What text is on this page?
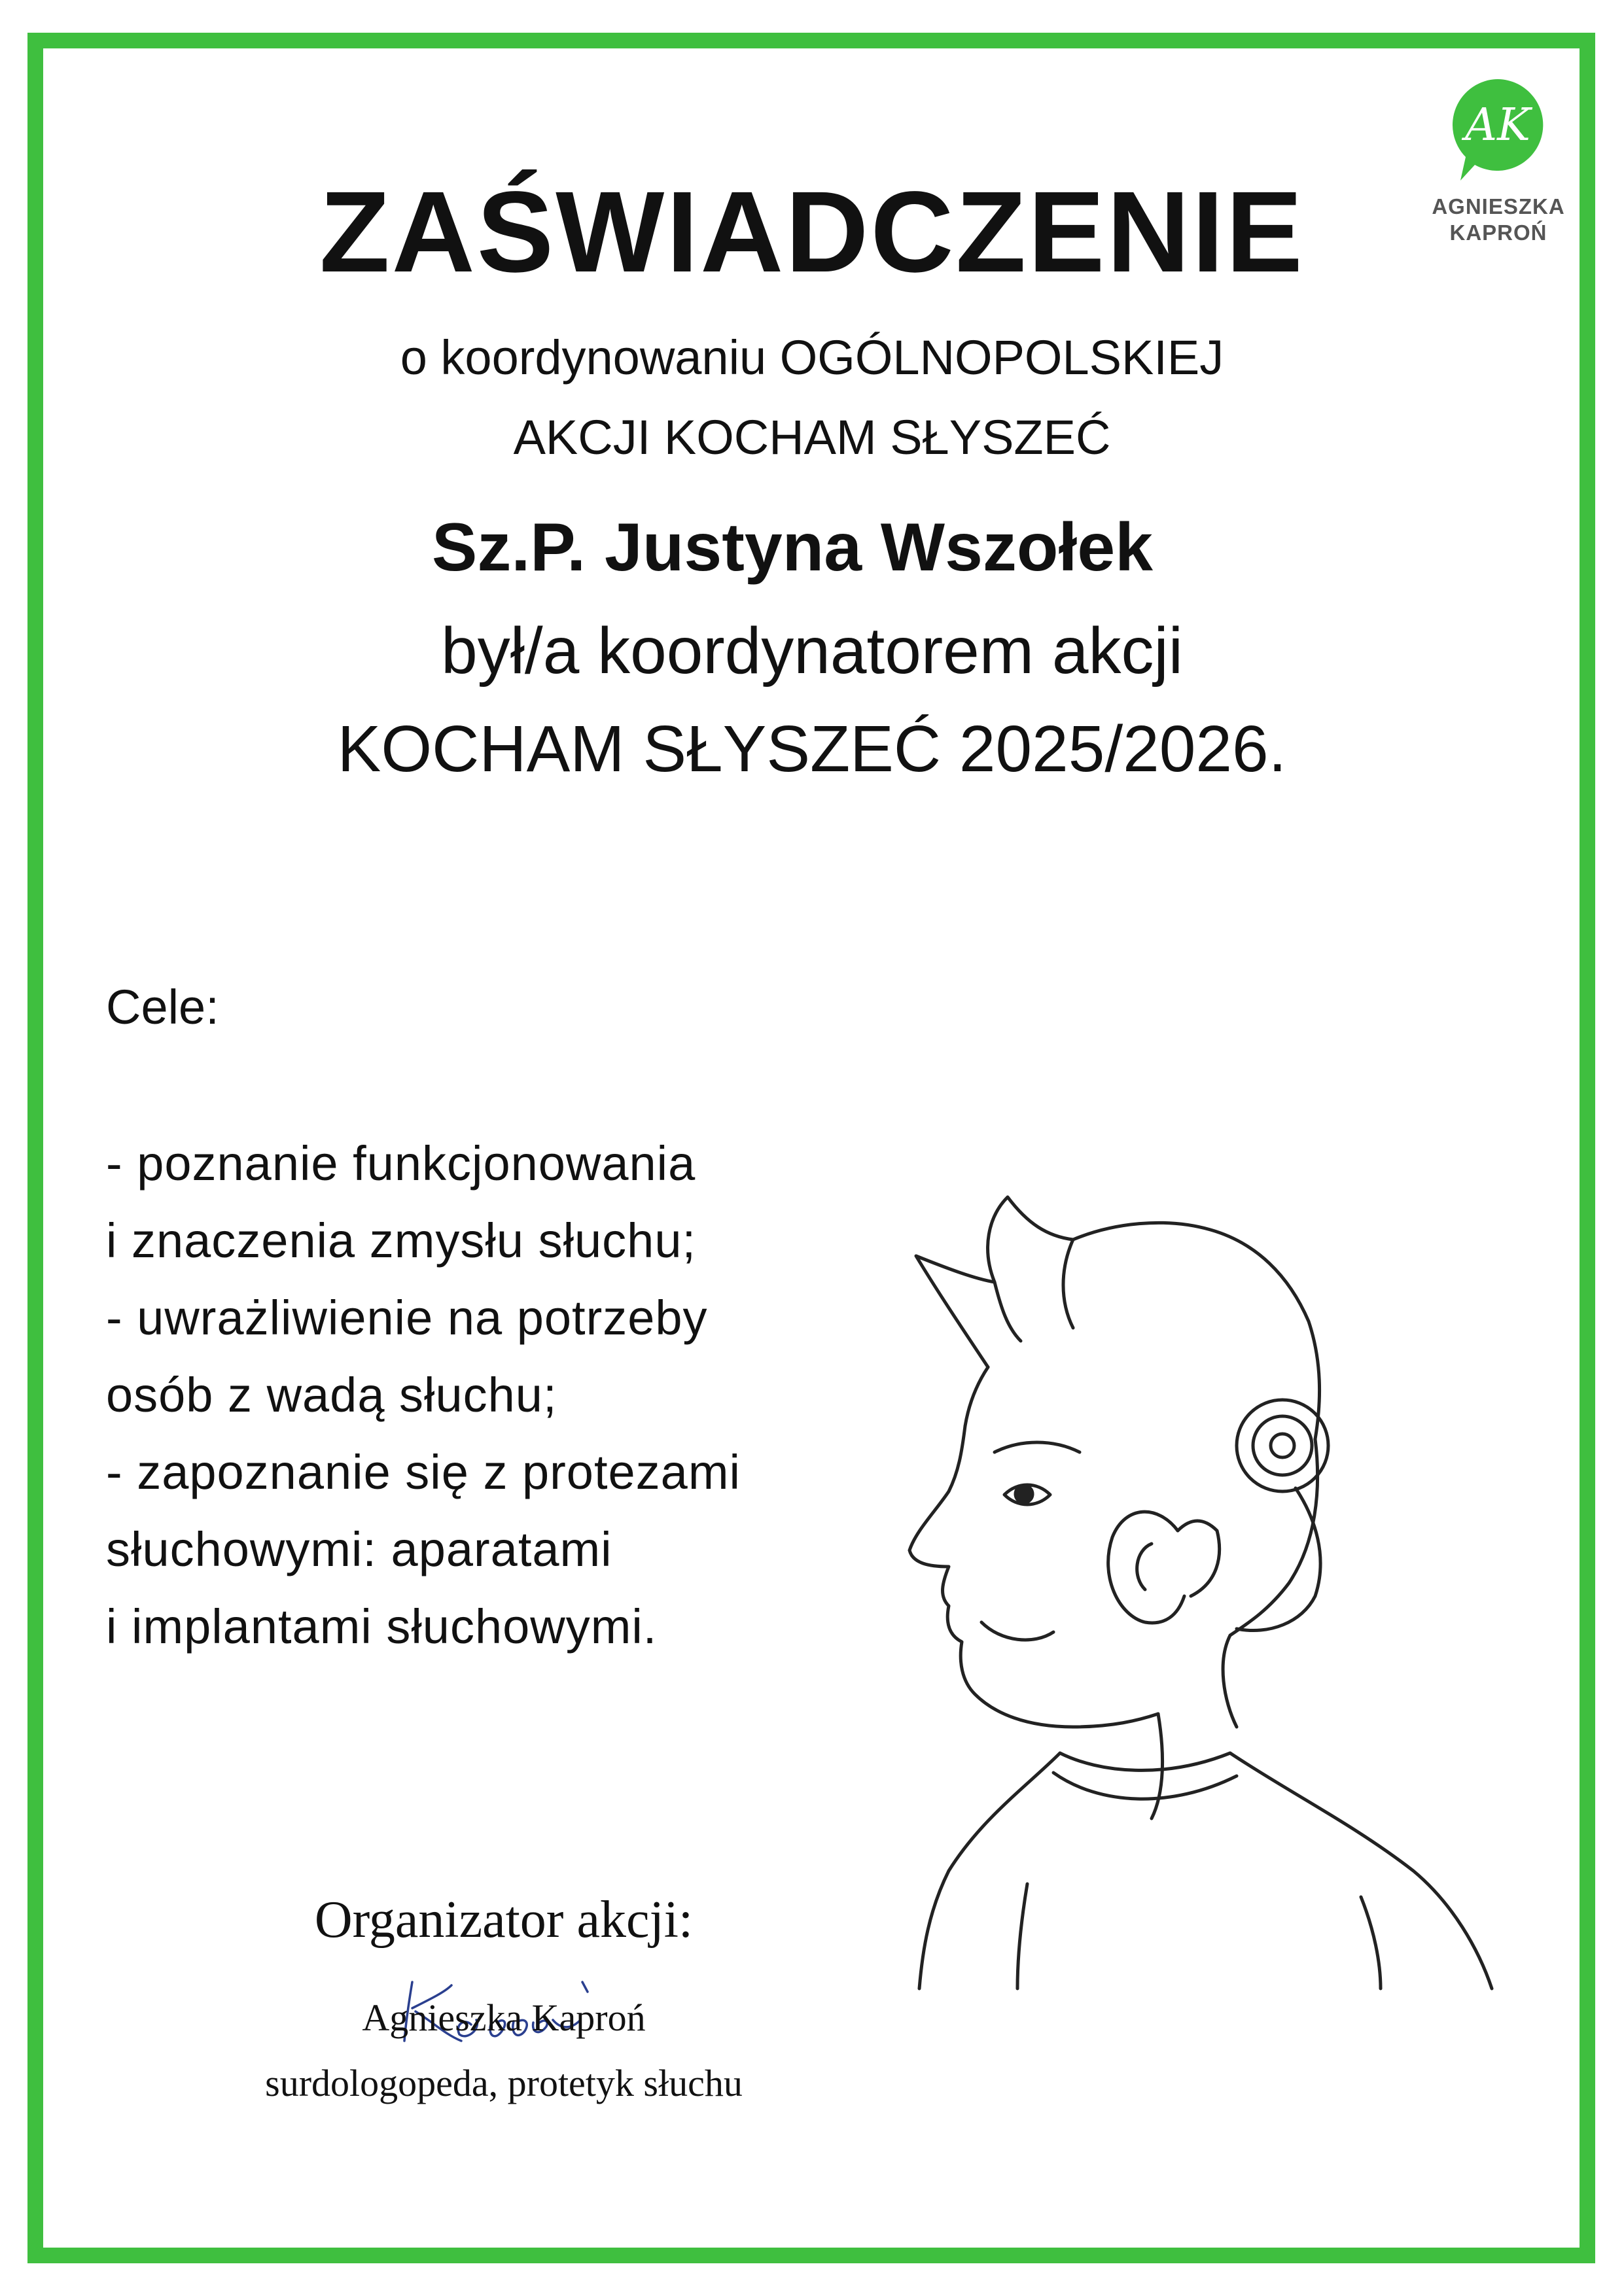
AK
AGNIESZKA
KAPROŃ
ZAŚWIADCZENIE
o koordynowaniu OGÓLNOPOLSKIEJ
AKCJI KOCHAM SŁYSZEĆ
Sz.P. Justyna Wszołek
był/a koordynatorem akcji
KOCHAM SŁYSZEĆ 2025/2026.
Cele:
- poznanie funkcjonowania
i znaczenia zmysłu słuchu;
- uwrażliwienie na potrzeby
osób z wadą słuchu;
- zapoznanie się z protezami
słuchowymi: aparatami
i implantami słuchowymi.
Organizator akcji:
Agnieszka Kaproń
surdologopeda, protetyk słuchu
